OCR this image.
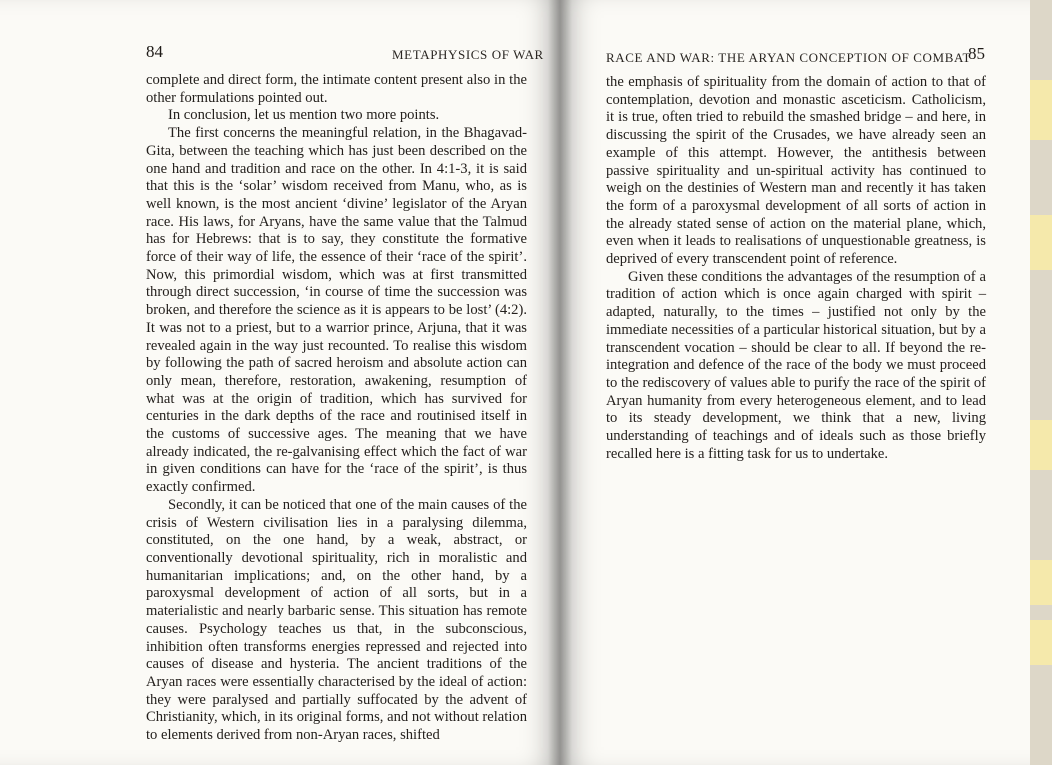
84	METAPHYSICS OF WAR

complete and direct form, the intimate content present also in the other formulations pointed out.

In conclusion, let us mention two more points.

The first concerns the meaningful relation, in the Bhagavad-Gita, between the teaching which has just been described on the one hand and tradition and race on the other. In 4:1-3, it is said that this is the ‘solar’ wisdom received from Manu, who, as is well known, is the most ancient ‘divine’ legislator of the Aryan race. His laws, for Aryans, have the same value that the Talmud has for Hebrews: that is to say, they constitute the formative force of their way of life, the essence of their ‘race of the spirit’. Now, this primordial wisdom, which was at first transmitted through direct succession, ‘in course of time the succession was broken, and therefore the science as it is appears to be lost’ (4:2). It was not to a priest, but to a warrior prince, Arjuna, that it was revealed again in the way just recounted. To realise this wisdom by following the path of sacred heroism and absolute action can only mean, therefore, restoration, awakening, resumption of what was at the origin of tradition, which has survived for centuries in the dark depths of the race and routinised itself in the customs of successive ages. The meaning that we have already indicated, the re-galvanising effect which the fact of war in given conditions can have for the ‘race of the spirit’, is thus exactly confirmed.

Secondly, it can be noticed that one of the main causes of the crisis of Western civilisation lies in a paralysing dilemma, constituted, on the one hand, by a weak, abstract, or conventionally devotional spirituality, rich in moralistic and humanitarian implications; and, on the other hand, by a paroxysmal development of action of all sorts, but in a materialistic and nearly barbaric sense. This situation has remote causes. Psychology teaches us that, in the subconscious, inhibition often transforms energies repressed and rejected into causes of disease and hysteria. The ancient traditions of the Aryan races were essentially characterised by the ideal of action: they were paralysed and partially suffocated by the advent of Christianity, which, in its original forms, and not without relation to elements derived from non-Aryan races, shifted

RACE AND WAR: THE ARYAN CONCEPTION OF COMBAT
85

the emphasis of spirituality from the domain of action to that of contemplation, devotion and monastic asceticism. Catholicism, it is true, often tried to rebuild the smashed bridge – and here, in discussing the spirit of the Crusades, we have already seen an example of this attempt. However, the antithesis between passive spirituality and un-spiritual activity has continued to weigh on the destinies of Western man and recently it has taken the form of a paroxysmal development of all sorts of action in the already stated sense of action on the material plane, which, even when it leads to realisations of unquestionable greatness, is deprived of every transcendent point of reference.

Given these conditions the advantages of the resumption of a tradition of action which is once again charged with spirit – adapted, naturally, to the times – justified not only by the immediate necessities of a particular historical situation, but by a transcendent vocation – should be clear to all. If beyond the re-integration and defence of the race of the body we must proceed to the rediscovery of values able to purify the race of the spirit of Aryan humanity from every heterogeneous element, and to lead to its steady development, we think that a new, living understanding of teachings and of ideals such as those briefly recalled here is a fitting task for us to undertake.
